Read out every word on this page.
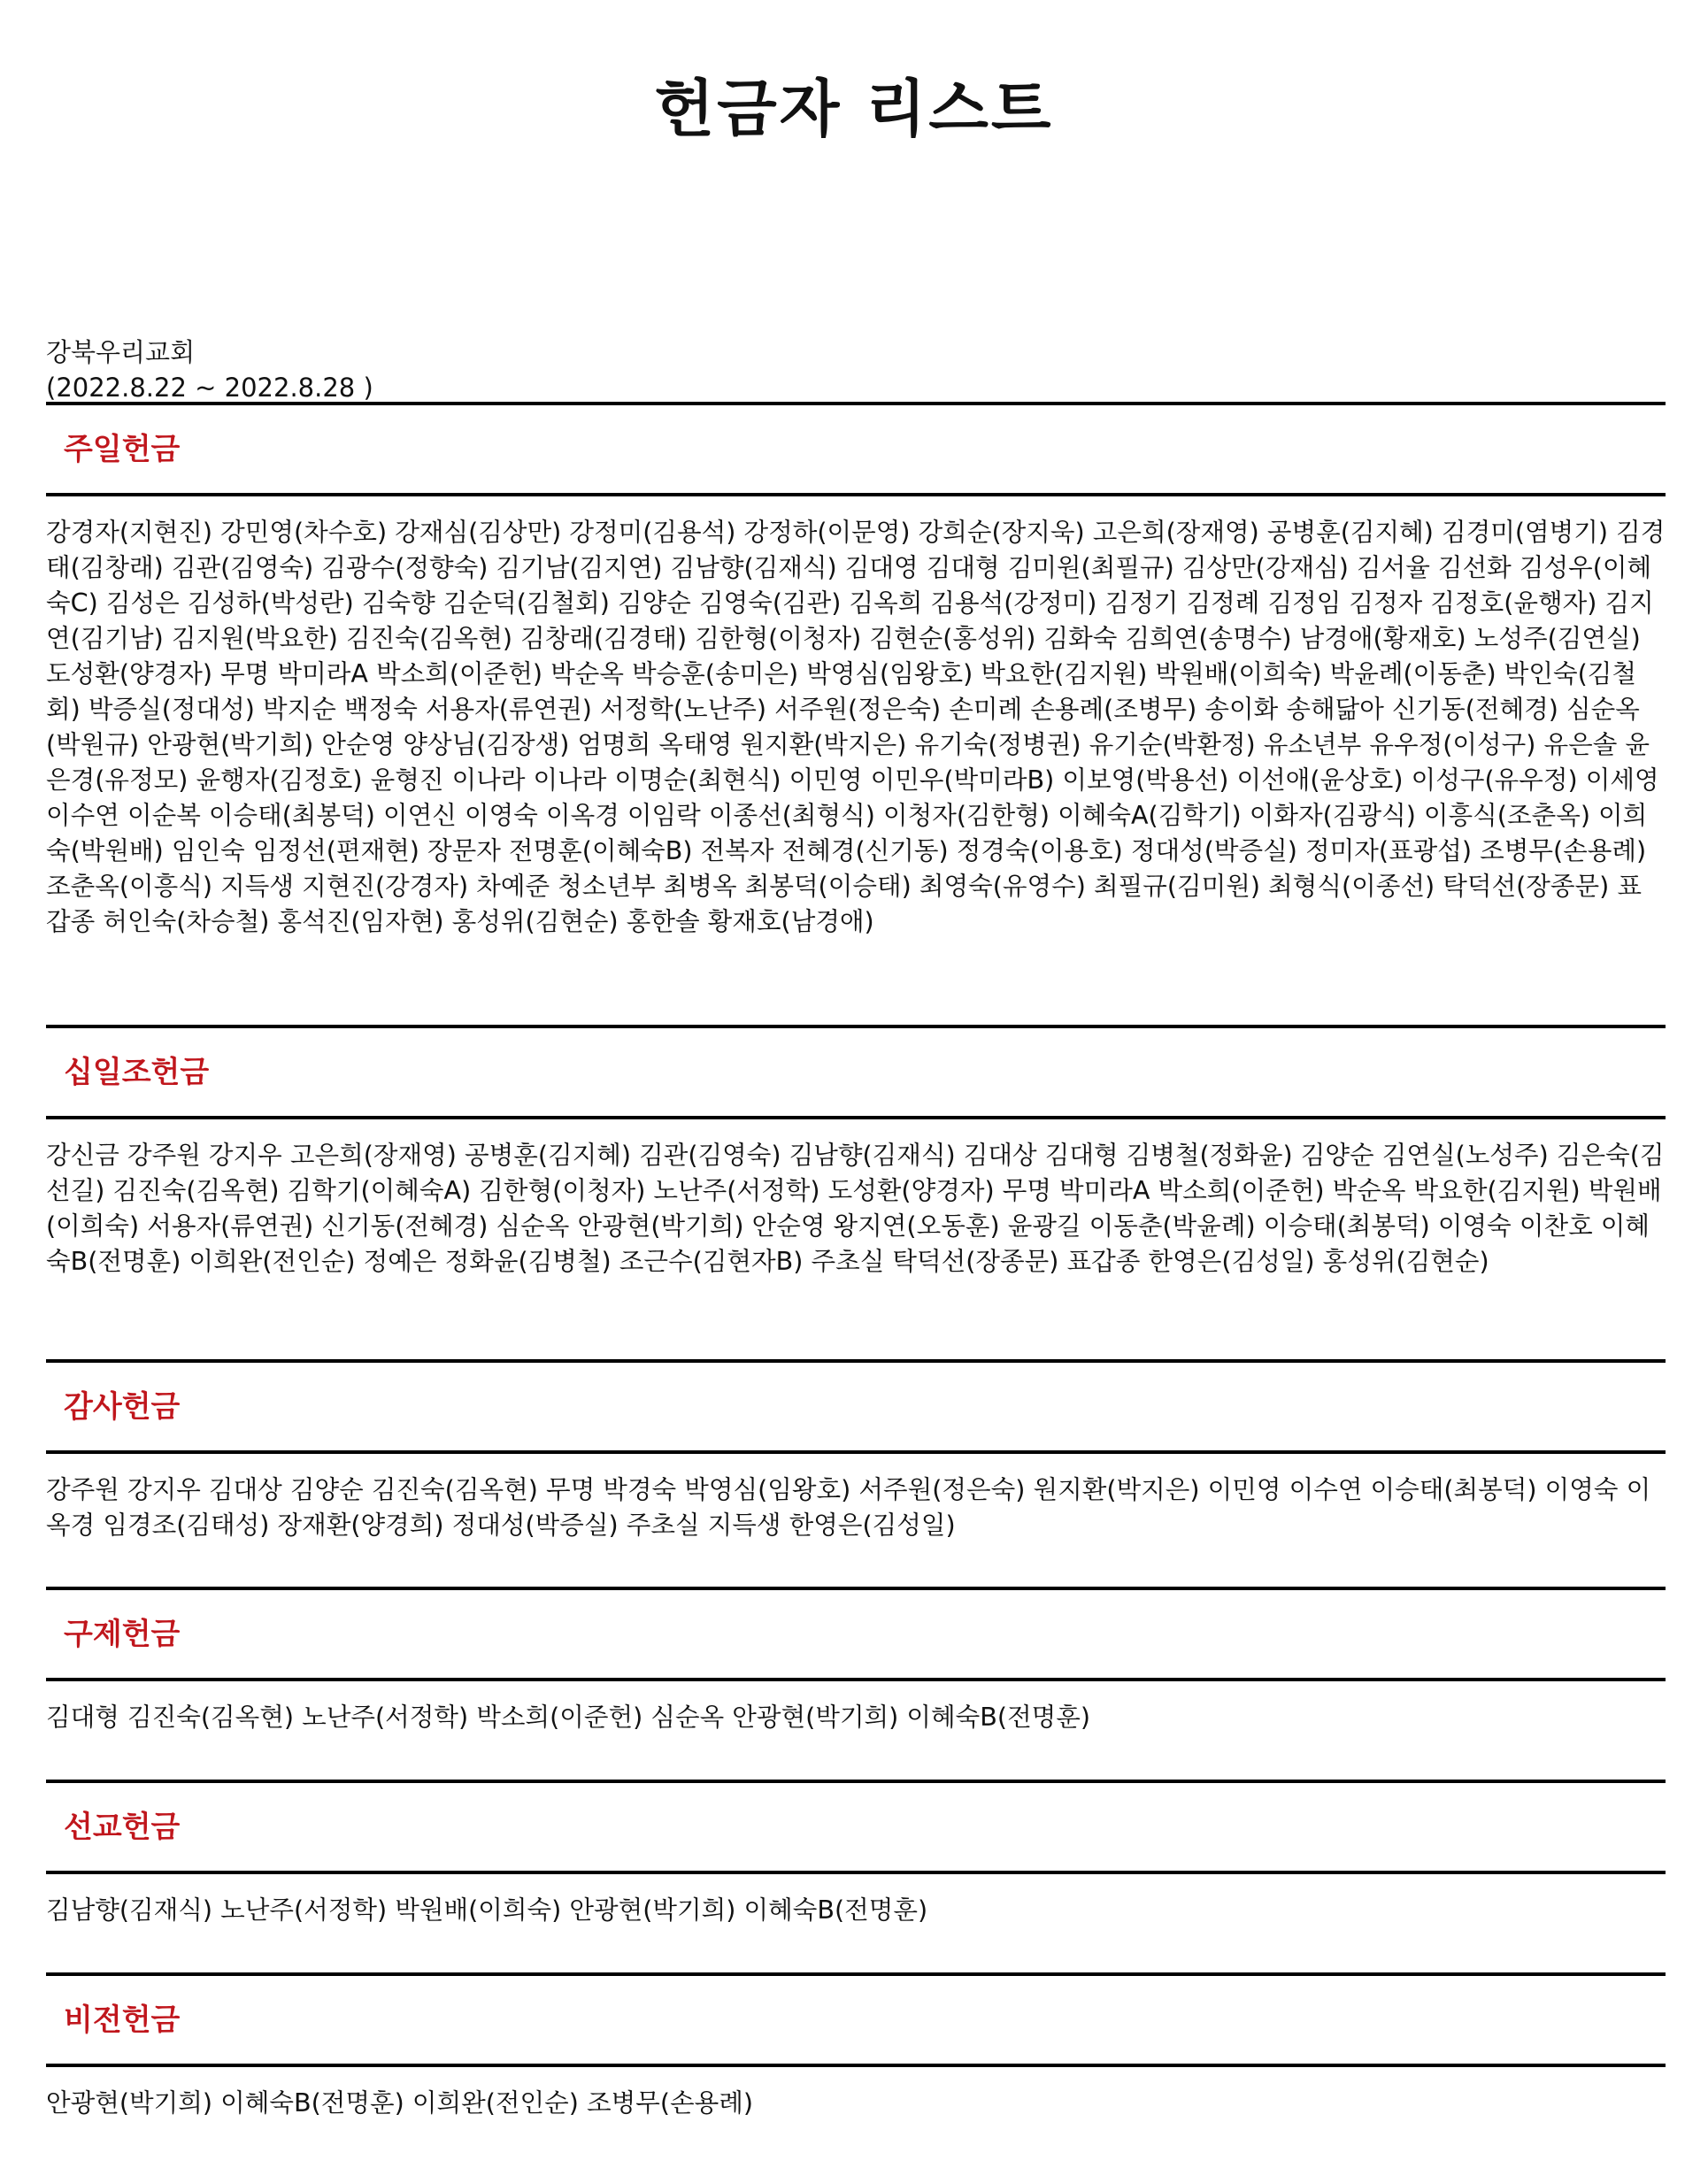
헌금자 리스트
강북우리교회
(2022.8.22 ~ 2022.8.28 )
주일헌금
강경자(지현진) 강민영(차수호) 강재심(김상만) 강정미(김용석) 강정하(이문영) 강희순(장지욱) 고은희(장재영) 공병훈(김지혜) 김경미(염병기) 김경태(김창래) 김관(김영숙) 김광수(정향숙) 김기남(김지연) 김남향(김재식) 김대영 김대형 김미원(최필규) 김상만(강재심) 김서율 김선화 김성우(이혜숙C) 김성은 김성하(박성란) 김숙향 김순덕(김철회) 김양순 김영숙(김관) 김옥희 김용석(강정미) 김정기 김정례 김정임 김정자 김정호(윤행자) 김지연(김기남) 김지원(박요한) 김진숙(김옥현) 김창래(김경태) 김한형(이청자) 김현순(홍성위) 김화숙 김희연(송명수) 남경애(황재호) 노성주(김연실) 도성환(양경자) 무명 박미라A 박소희(이준헌) 박순옥 박승훈(송미은) 박영심(임왕호) 박요한(김지원) 박원배(이희숙) 박윤례(이동춘) 박인숙(김철회) 박증실(정대성) 박지순 백정숙 서용자(류연권) 서정학(노난주) 서주원(정은숙) 손미례 손용례(조병무) 송이화 송해닮아 신기동(전혜경) 심순옥(박원규) 안광현(박기희) 안순영 양상님(김장생) 엄명희 옥태영 원지환(박지은) 유기숙(정병권) 유기순(박환정) 유소년부 유우정(이성구) 유은솔 윤은경(유정모) 윤행자(김정호) 윤형진 이나라 이나라 이명순(최현식) 이민영 이민우(박미라B) 이보영(박용선) 이선애(윤상호) 이성구(유우정) 이세영 이수연 이순복 이승태(최봉덕) 이연신 이영숙 이옥경 이임락 이종선(최형식) 이청자(김한형) 이혜숙A(김학기) 이화자(김광식) 이흥식(조춘옥) 이희숙(박원배) 임인숙 임정선(편재현) 장문자 전명훈(이혜숙B) 전복자 전혜경(신기동) 정경숙(이용호) 정대성(박증실) 정미자(표광섭) 조병무(손용례) 조춘옥(이흥식) 지득생 지현진(강경자) 차예준 청소년부 최병옥 최봉덕(이승태) 최영숙(유영수) 최필규(김미원) 최형식(이종선) 탁덕선(장종문) 표갑종 허인숙(차승철) 홍석진(임자현) 홍성위(김현순) 홍한솔 황재호(남경애)
십일조헌금
강신금 강주원 강지우 고은희(장재영) 공병훈(김지혜) 김관(김영숙) 김남향(김재식) 김대상 김대형 김병철(정화윤) 김양순 김연실(노성주) 김은숙(김선길) 김진숙(김옥현) 김학기(이혜숙A) 김한형(이청자) 노난주(서정학) 도성환(양경자) 무명 박미라A 박소희(이준헌) 박순옥 박요한(김지원) 박원배(이희숙) 서용자(류연권) 신기동(전혜경) 심순옥 안광현(박기희) 안순영 왕지연(오동훈) 윤광길 이동춘(박윤례) 이승태(최봉덕) 이영숙 이찬호 이혜숙B(전명훈) 이희완(전인순) 정예은 정화윤(김병철) 조근수(김현자B) 주초실 탁덕선(장종문) 표갑종 한영은(김성일) 홍성위(김현순)
감사헌금
강주원 강지우 김대상 김양순 김진숙(김옥현) 무명 박경숙 박영심(임왕호) 서주원(정은숙) 원지환(박지은) 이민영 이수연 이승태(최봉덕) 이영숙 이옥경 임경조(김태성) 장재환(양경희) 정대성(박증실) 주초실 지득생 한영은(김성일)
구제헌금
김대형 김진숙(김옥현) 노난주(서정학) 박소희(이준헌) 심순옥 안광현(박기희) 이혜숙B(전명훈)
선교헌금
김남향(김재식) 노난주(서정학) 박원배(이희숙) 안광현(박기희) 이혜숙B(전명훈)
비전헌금
안광현(박기희) 이혜숙B(전명훈) 이희완(전인순) 조병무(손용례)
